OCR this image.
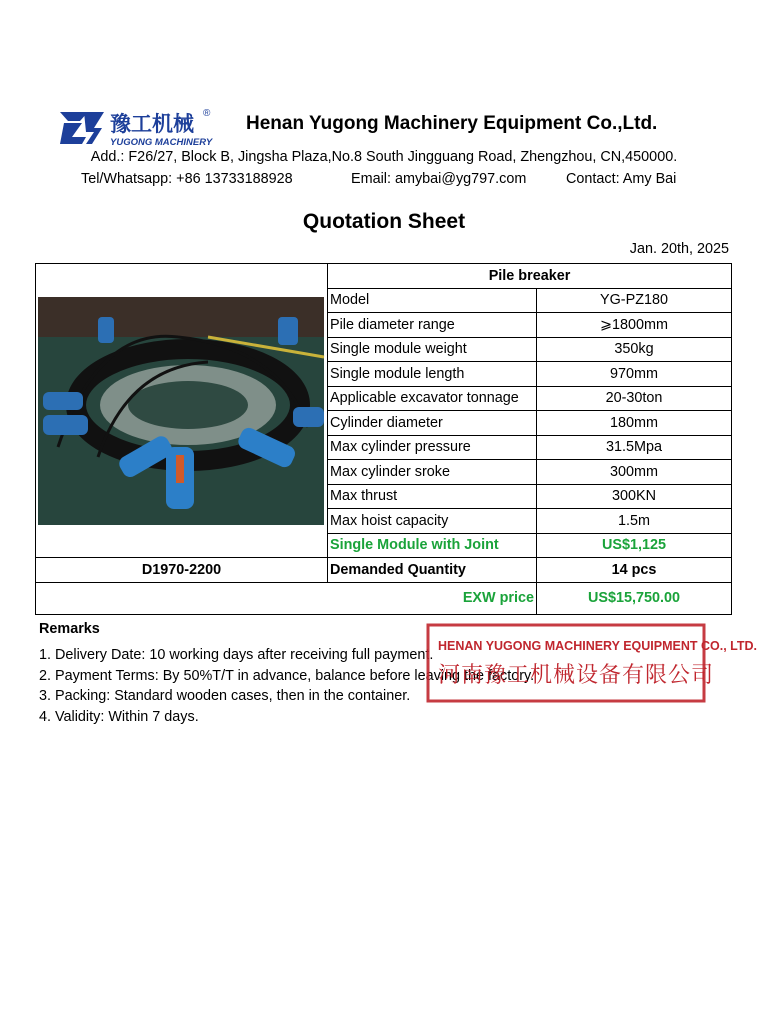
豫工机械
YUGONG MACHINERY
® Henan Yugong Machinery Equipment Co.,Ltd.
Add.: F26/27, Block B, Jingsha Plaza,No.8 South Jingguang Road, Zhengzhou, CN,450000.
Tel/Whatsapp: +86 13733188928	Email: amybai@yg797.com	Contact: Amy Bai
Quotation Sheet
Jan. 20th, 2025
	Pile breaker	
	Model	YG-PZ180
	Pile diameter range	⩾1800mm
	Single module weight	350kg
	Single module length	970mm
	Applicable excavator tonnage	20-30ton
	Cylinder diameter	180mm
	Max cylinder pressure	31.5Mpa
	Max cylinder sroke	300mm
	Max thrust	300KN
	Max hoist capacity	1.5m
	Single Module with Joint	US$1,125
D1970-2200	Demanded Quantity	14 pcs
EXW price		US$15,750.00
Remarks
1. Delivery Date: 10 working days after receiving full payment.
2. Payment Terms: By 50%T/T in advance, balance before leaving the factory.
3. Packing: Standard wooden cases, then in the container.
4. Validity: Within 7 days.
HENAN YUGONG MACHINERY EQUIPMENT CO., LTD.
河南豫工机械设备有限公司
